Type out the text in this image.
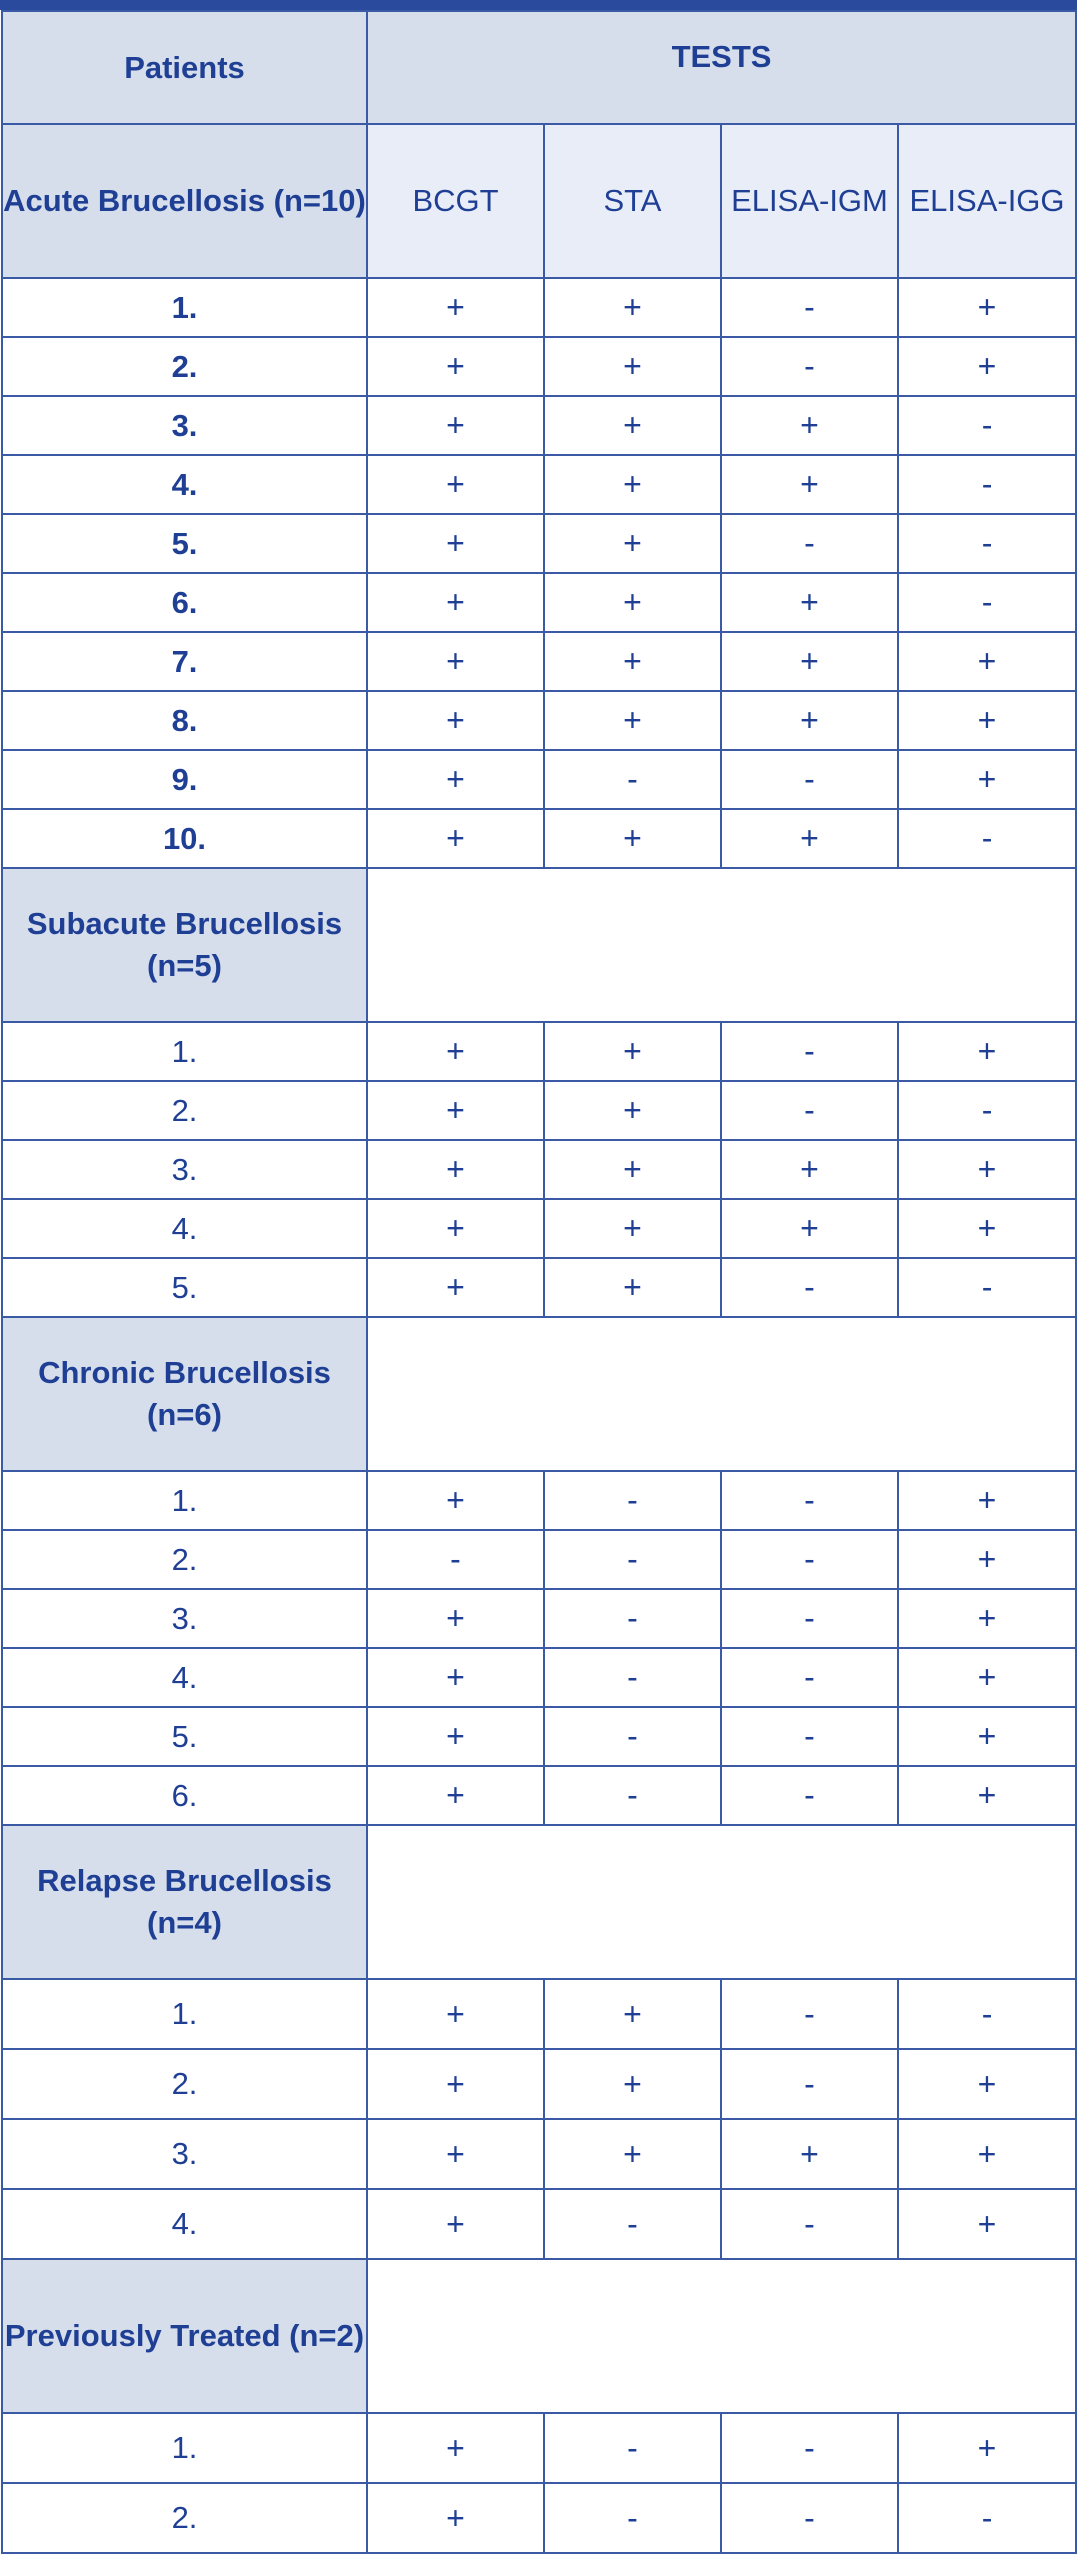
Patients	TESTS			
Acute Brucellosis (n=10)	BCGT	STA	ELISA-IGM	ELISA-IGG
1.	+	+	-	+
2.	+	+	-	+
3.	+	+	+	-
4.	+	+	+	-
5.	+	+	-	-
6.	+	+	+	-
7.	+	+	+	+
8.	+	+	+	+
9.	+	-	-	+
10.	+	+	+	-
Subacute Brucellosis (n=5)				
1.	+	+	-	+
2.	+	+	-	-
3.	+	+	+	+
4.	+	+	+	+
5.	+	+	-	-
Chronic Brucellosis (n=6)				
1.	+	-	-	+
2.	-	-	-	+
3.	+	-	-	+
4.	+	-	-	+
5.	+	-	-	+
6.	+	-	-	+
Relapse Brucellosis (n=4)				
1.	+	+	-	-
2.	+	+	-	+
3.	+	+	+	+
4.	+	-	-	+
Previously Treated (n=2)				
1.	+	-	-	+
2.	+	-	-	-
